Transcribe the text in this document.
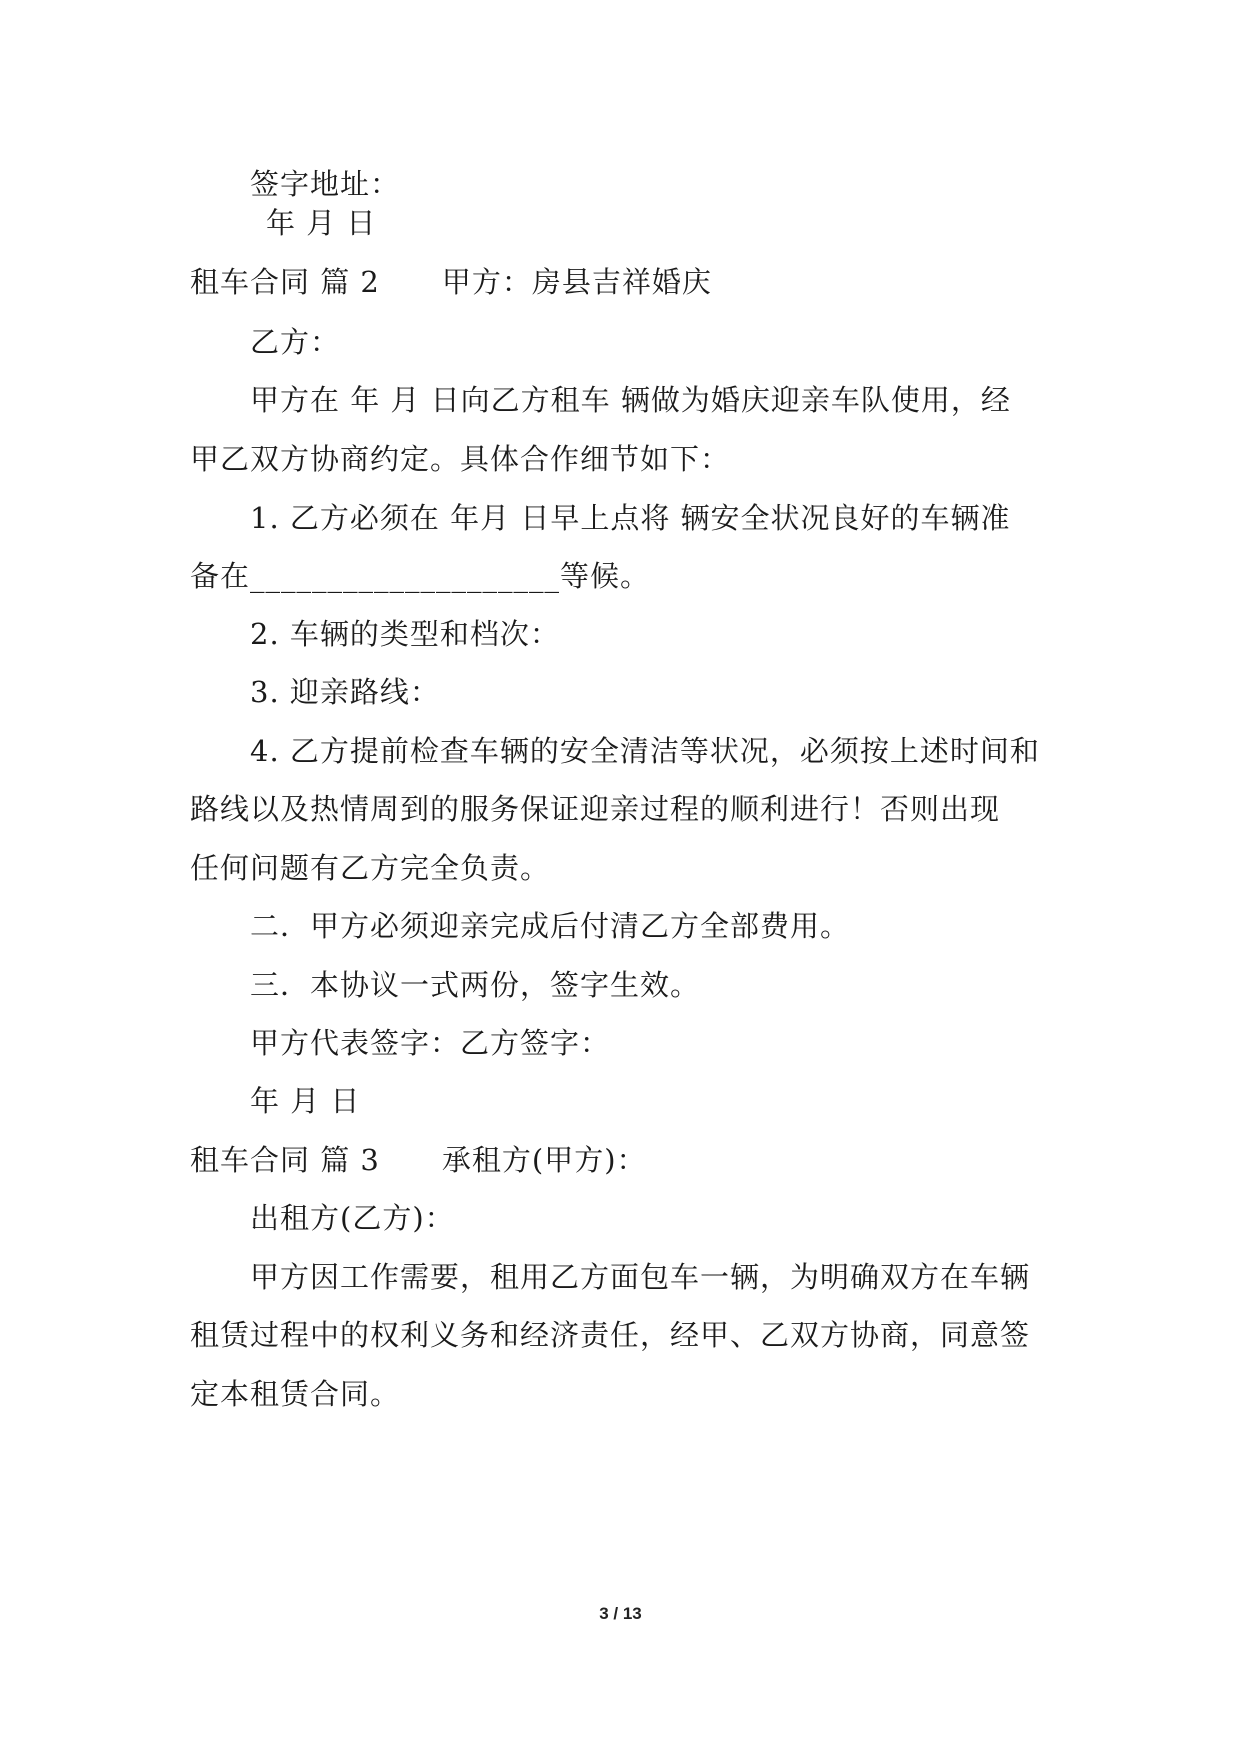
签字地址：
年 月 日
租车合同 篇 2 甲方：房县吉祥婚庆
乙方：
甲方在 年 月 日向乙方租车 辆做为婚庆迎亲车队使用，经
甲乙双方协商约定。具体合作细节如下：
1. 乙方必须在 年月 日早上点将 辆安全状况良好的车辆准
备在____________________等候。
2. 车辆的类型和档次：
3. 迎亲路线：
4. 乙方提前检查车辆的安全清洁等状况，必须按上述时间和
路线以及热情周到的服务保证迎亲过程的顺利进行！否则出现
任何问题有乙方完全负责。
二．甲方必须迎亲完成后付清乙方全部费用。
三．本协议一式两份，签字生效。
甲方代表签字：乙方签字：
年 月 日
租车合同 篇 3 承租方(甲方)：
出租方(乙方)：
甲方因工作需要，租用乙方面包车一辆，为明确双方在车辆
租赁过程中的权利义务和经济责任，经甲、乙双方协商，同意签
定本租赁合同。
3 / 13
